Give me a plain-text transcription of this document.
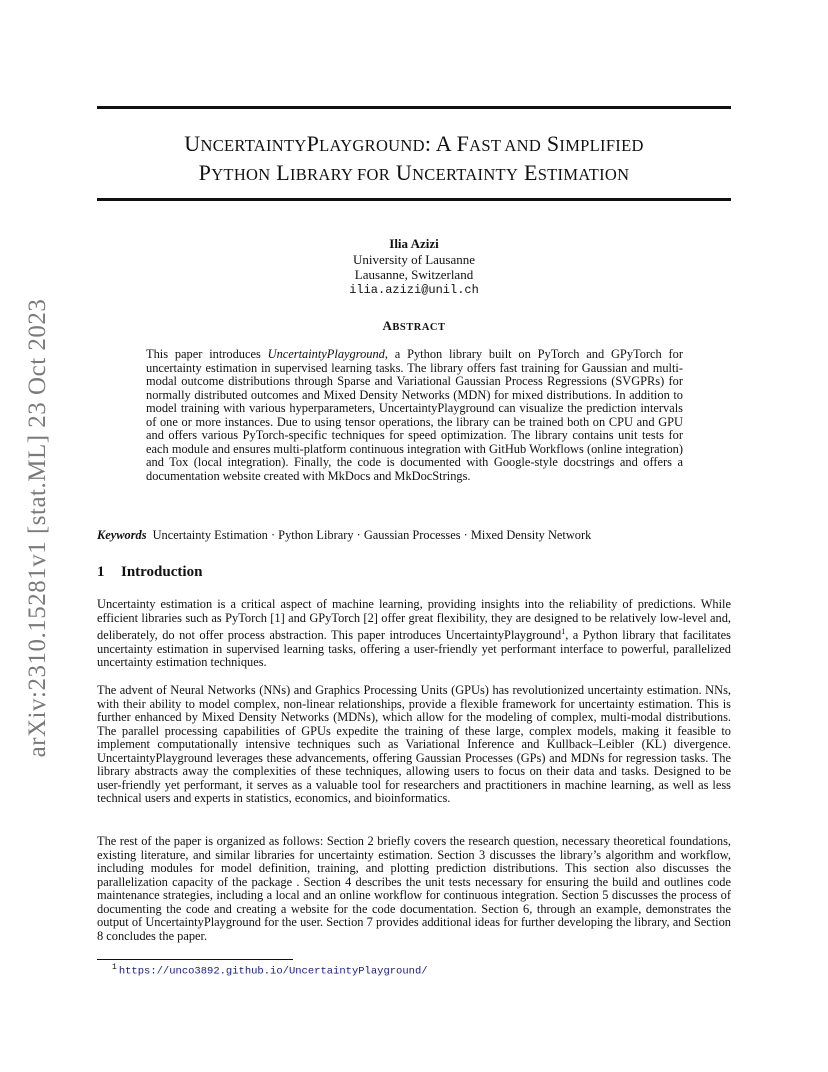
arXiv:2310.15281v1 [stat.ML] 23 Oct 2023
UNCERTAINTYPLAYGROUND: A FAST AND SIMPLIFIED
PYTHON LIBRARY FOR UNCERTAINTY ESTIMATION
Ilia Azizi
University of Lausanne
Lausanne, Switzerland
ilia.azizi@unil.ch
ABSTRACT
This paper introduces UncertaintyPlayground, a Python library built on PyTorch and GPyTorch for uncertainty estimation in supervised learning tasks. The library offers fast training for Gaussian and multi-modal outcome distributions through Sparse and Variational Gaussian Process Regressions (SVGPRs) for normally distributed outcomes and Mixed Density Networks (MDN) for mixed distributions. In addition to model training with various hyperparameters, UncertaintyPlayground can visualize the prediction intervals of one or more instances. Due to using tensor operations, the library can be trained both on CPU and GPU and offers various PyTorch-specific techniques for speed optimization. The library contains unit tests for each module and ensures multi-platform continuous integration with GitHub Workflows (online integration) and Tox (local integration). Finally, the code is documented with Google-style docstrings and offers a documentation website created with MkDocs and MkDocStrings.
Keywords Uncertainty Estimation · Python Library · Gaussian Processes · Mixed Density Network
1 Introduction
Uncertainty estimation is a critical aspect of machine learning, providing insights into the reliability of predictions. While efficient libraries such as PyTorch [1] and GPyTorch [2] offer great flexibility, they are designed to be relatively low-level and, deliberately, do not offer process abstraction. This paper introduces UncertaintyPlayground$^1$, a Python library that facilitates uncertainty estimation in supervised learning tasks, offering a user-friendly yet performant interface to powerful, parallelized uncertainty estimation techniques.
The advent of Neural Networks (NNs) and Graphics Processing Units (GPUs) has revolutionized uncertainty estimation. NNs, with their ability to model complex, non-linear relationships, provide a flexible framework for uncertainty estimation. This is further enhanced by Mixed Density Networks (MDNs), which allow for the modeling of complex, multi-modal distributions. The parallel processing capabilities of GPUs expedite the training of these large, complex models, making it feasible to implement computationally intensive techniques such as Variational Inference and Kullback–Leibler (KL) divergence. UncertaintyPlayground leverages these advancements, offering Gaussian Processes (GPs) and MDNs for regression tasks. The library abstracts away the complexities of these techniques, allowing users to focus on their data and tasks. Designed to be user-friendly yet performant, it serves as a valuable tool for researchers and practitioners in machine learning, as well as less technical users and experts in statistics, economics, and bioinformatics.
The rest of the paper is organized as follows: Section 2 briefly covers the research question, necessary theoretical foundations, existing literature, and similar libraries for uncertainty estimation. Section 3 discusses the library’s algorithm and workflow, including modules for model definition, training, and plotting prediction distributions. This section also discusses the parallelization capacity of the package . Section 4 describes the unit tests necessary for ensuring the build and outlines code maintenance strategies, including a local and an online workflow for continuous integration. Section 5 discusses the process of documenting the code and creating a website for the code documentation. Section 6, through an example, demonstrates the output of UncertaintyPlayground for the user. Section 7 provides additional ideas for further developing the library, and Section 8 concludes the paper.
$^1$ https://unco3892.github.io/UncertaintyPlayground/
